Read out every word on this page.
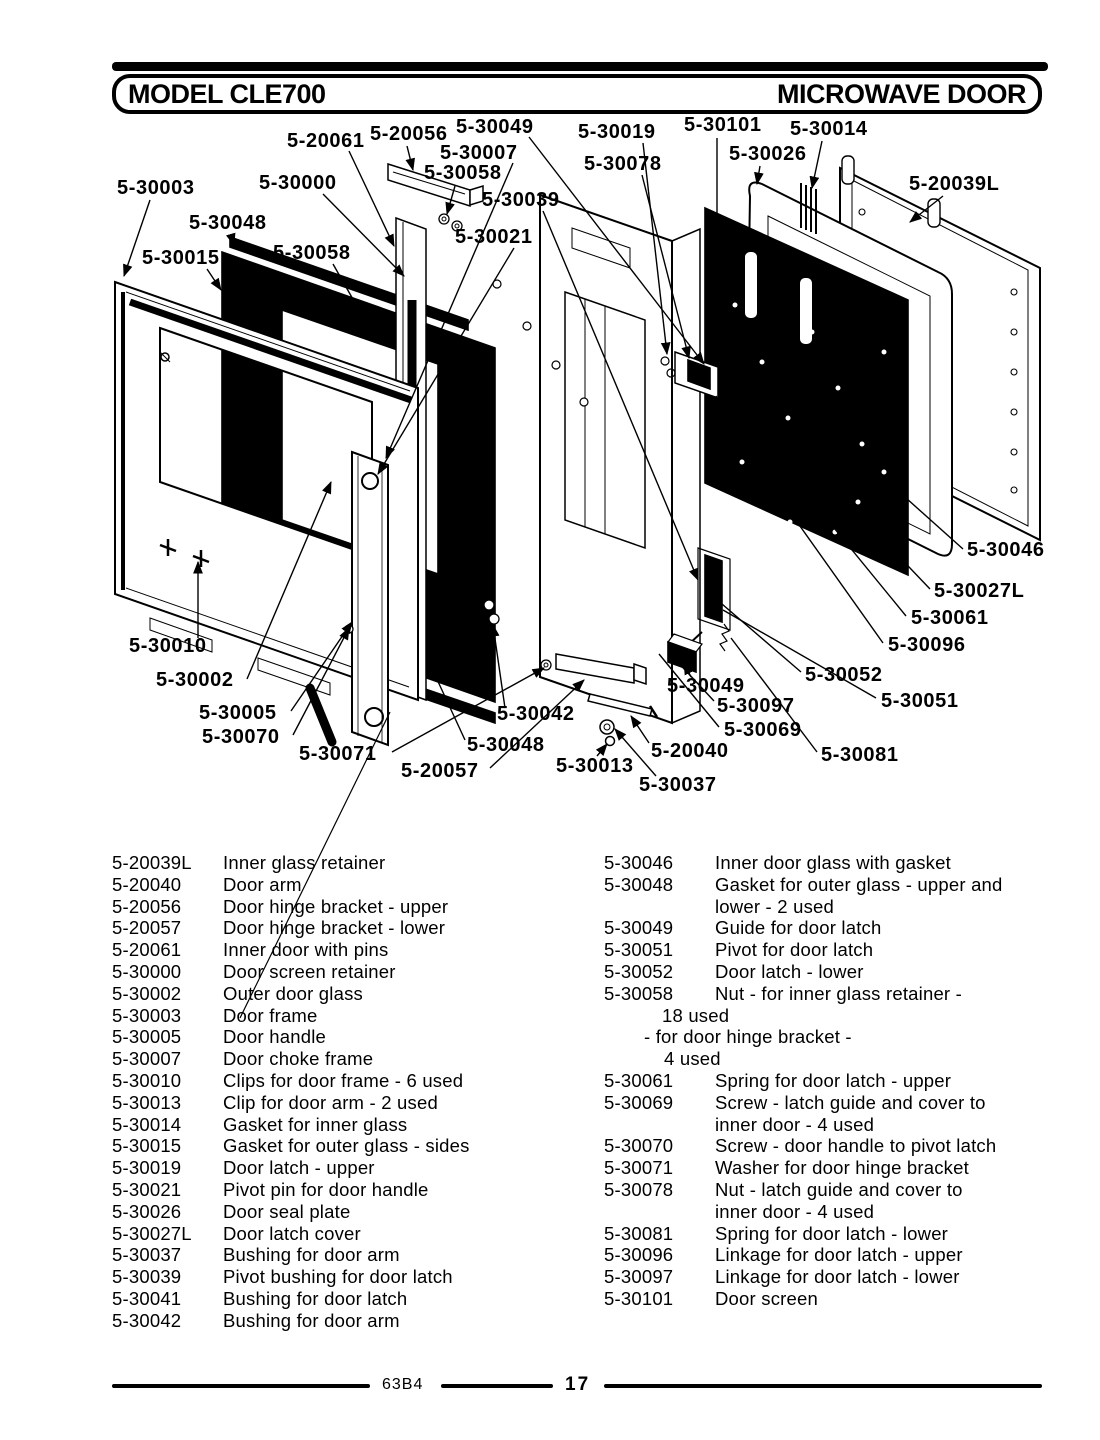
MODEL CLE700	MICROWAVE DOOR
5-20039L	Inner glass retainer
5-20040	Door arm
5-20056	Door hinge bracket - upper
5-20057	Door hinge bracket - lower
5-20061	Inner door with pins
5-30000	Door screen retainer
5-30002	Outer door glass
5-30003	Door frame
5-30005	Door handle
5-30007	Door choke frame
5-30010	Clips for door frame - 6 used
5-30013	Clip for door arm - 2 used
5-30014	Gasket for inner glass
5-30015	Gasket for outer glass - sides
5-30019	Door latch - upper
5-30021	Pivot pin for door handle
5-30026	Door seal plate
5-30027L	Door latch cover
5-30037	Bushing for door arm
5-30039	Pivot bushing for door latch
5-30041	Bushing for door latch
5-30042	Bushing for door arm
5-30046	Inner door glass with gasket
5-30048	Gasket for outer glass - upper and
lower - 2 used
5-30049	Guide for door latch
5-30051	Pivot for door latch
5-30052	Door latch - lower
5-30058	Nut - for inner glass retainer -
18 used
- for door hinge bracket -
4 used
5-30061	Spring for door latch - upper
5-30069	Screw - latch guide and cover to
inner door - 4 used
5-30070	Screw - door handle to pivot latch
5-30071	Washer for door hinge bracket
5-30078	Nut - latch guide and cover to
inner door - 4 used
5-30081	Spring for door latch - lower
5-30096	Linkage for door latch - upper
5-30097	Linkage for door latch - lower
5-30101	Door screen
63B4	17
5-20061 5-20056 5-30049 5-30019 5-30101 5-30014
5-30007	5-30078	5-30026
5-30058
5-30003	5-30000	5-20039L
5-30039
5-30048
5-30021
5-30015	5-30058
5-30046
5-30027L
5-30061
5-30096
5-30052
5-30051
5-30081
5-30010
5-30002
5-30005
5-30070
5-30071
5-20057
5-30042
5-30048
5-30013
5-30037
5-20040
5-30049
5-30097
5-30069
